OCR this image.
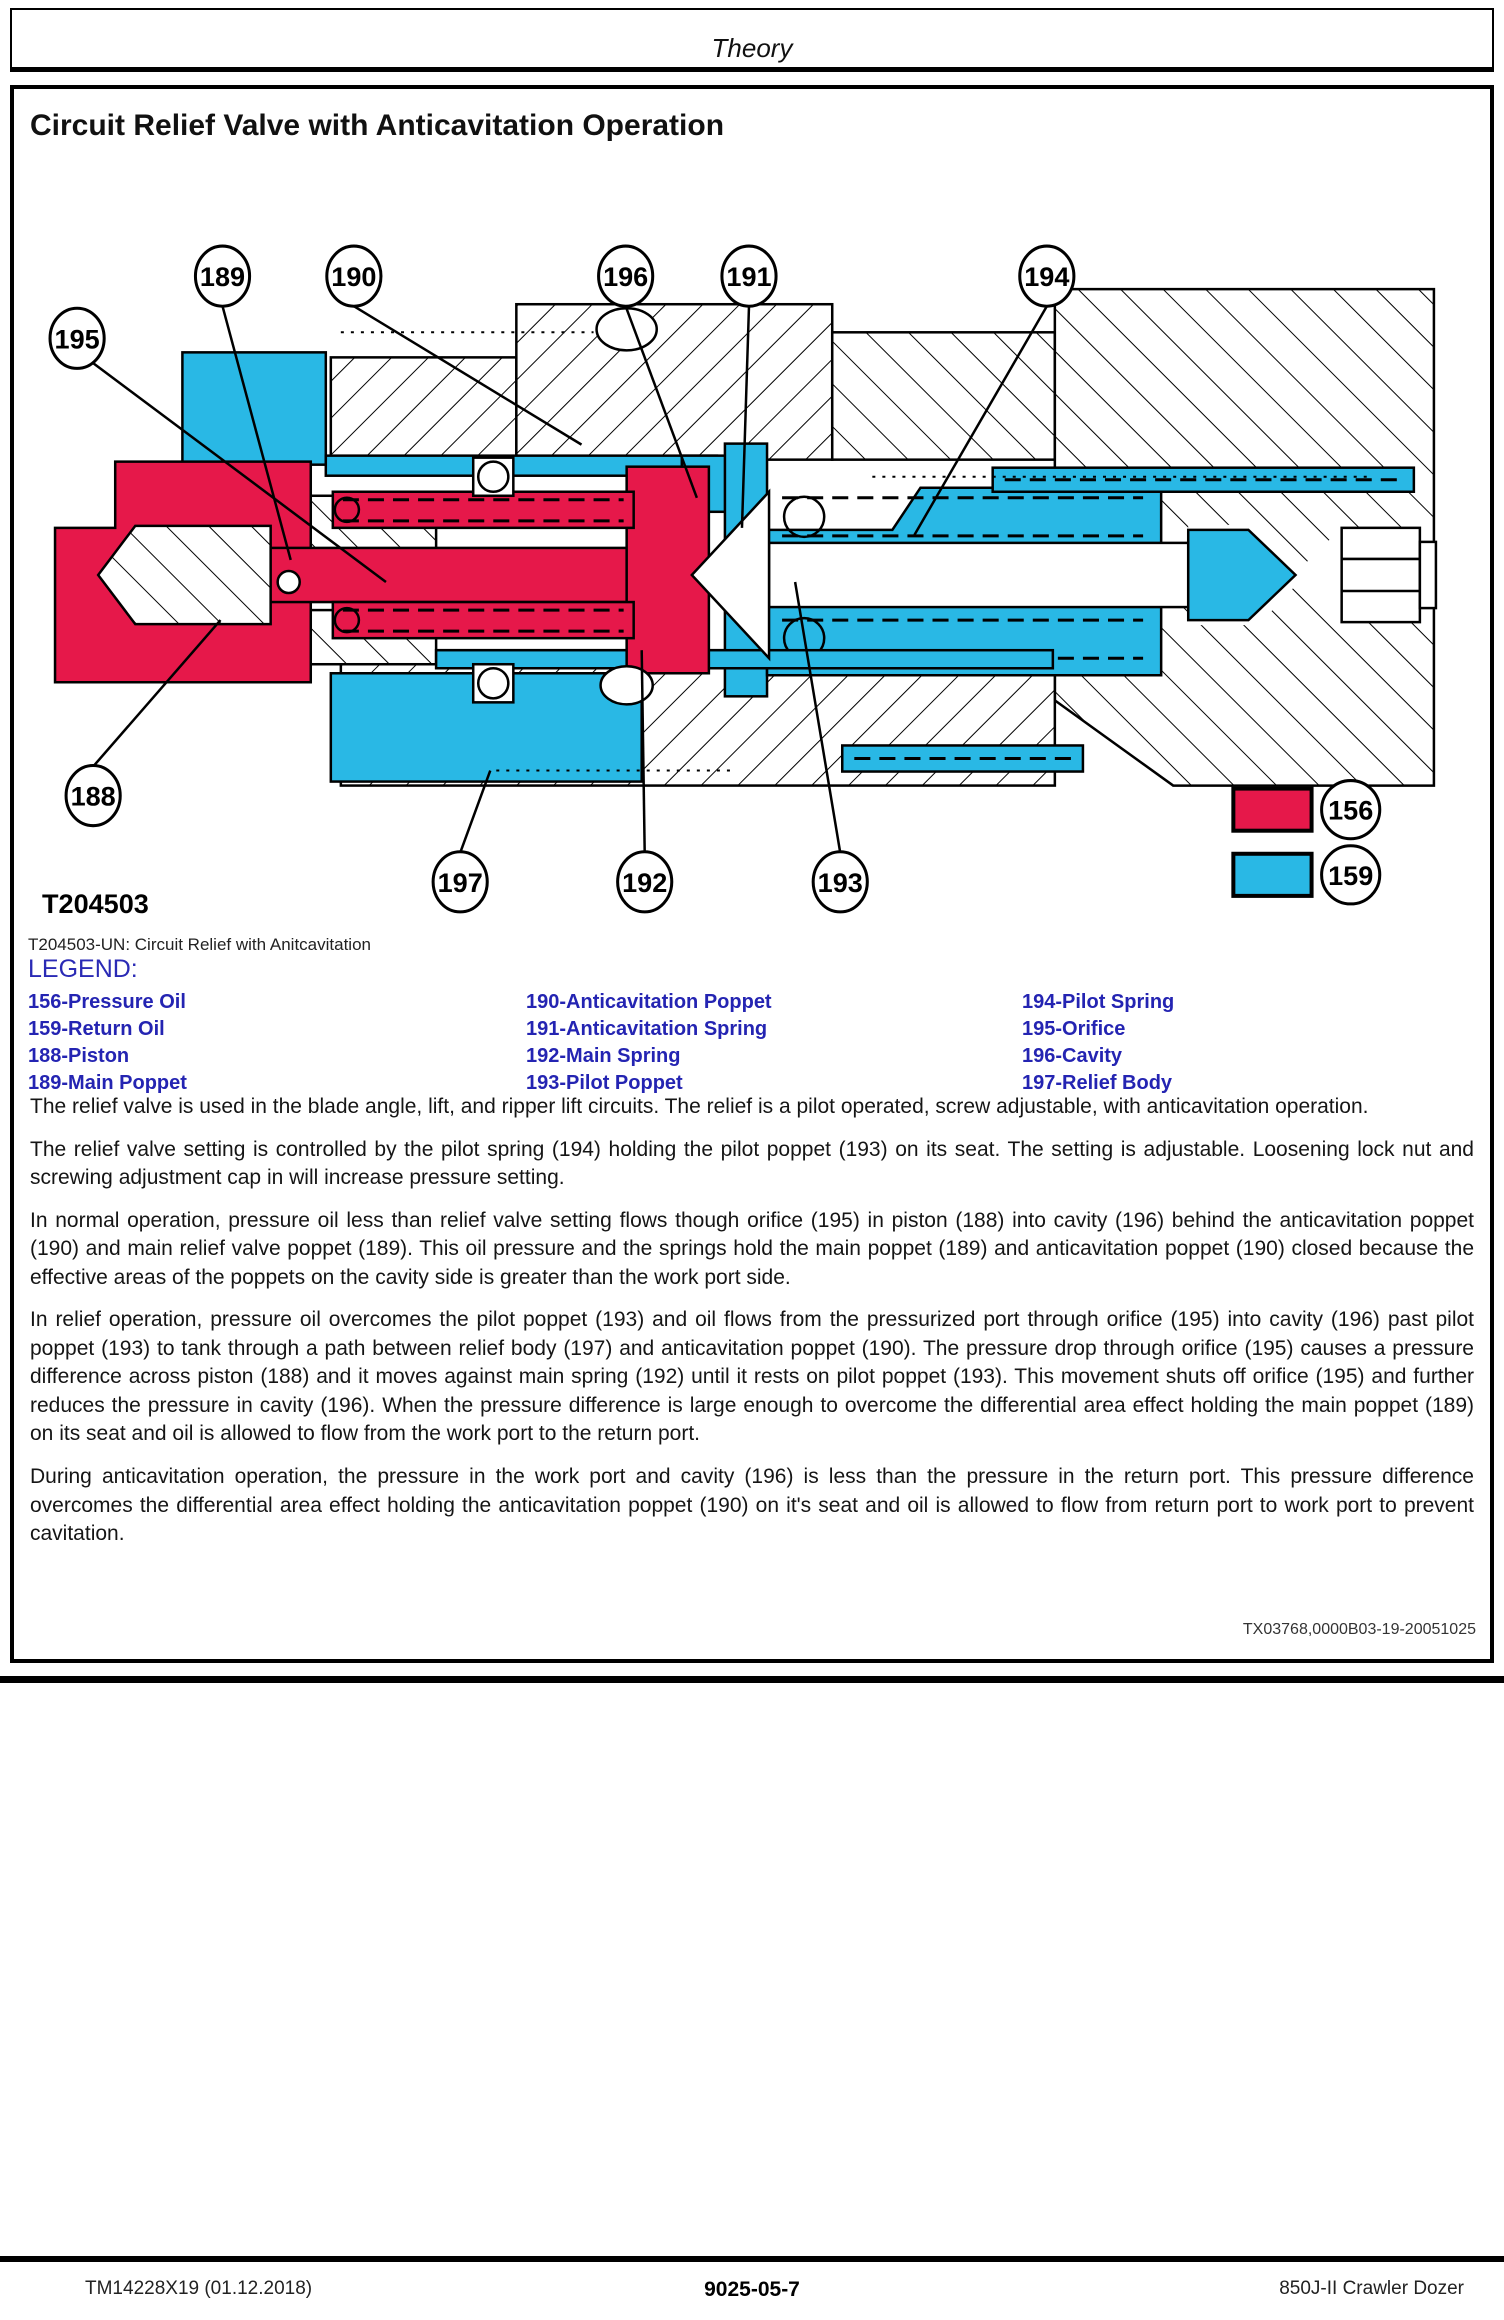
Theory
Circuit Relief Valve with Anticavitation Operation
189	190	196	191	194
195
188
197	192	193
156
159
T204503
T204503-UN: Circuit Relief with Anitcavitation
LEGEND:
156-Pressure Oil
159-Return Oil
188-Piston
189-Main Poppet
190-Anticavitation Poppet
191-Anticavitation Spring
192-Main Spring
193-Pilot Poppet
194-Pilot Spring
195-Orifice
196-Cavity
197-Relief Body

The relief valve is used in the blade angle, lift, and ripper lift circuits. The relief is a pilot operated, screw adjustable, with anticavitation operation.

The relief valve setting is controlled by the pilot spring (194) holding the pilot poppet (193) on its seat. The setting is adjustable. Loosening lock nut and screwing adjustment cap in will increase pressure setting.

In normal operation, pressure oil less than relief valve setting flows though orifice (195) in piston (188) into cavity (196) behind the anticavitation poppet (190) and main relief valve poppet (189). This oil pressure and the springs hold the main poppet (189) and anticavitation poppet (190) closed because the effective areas of the poppets on the cavity side is greater than the work port side.

In relief operation, pressure oil overcomes the pilot poppet (193) and oil flows from the pressurized port through orifice (195) into cavity (196) past pilot poppet (193) to tank through a path between relief body (197) and anticavitation poppet (190). The pressure drop through orifice (195) causes a pressure difference across piston (188) and it moves against main spring (192) until it rests on pilot poppet (193). This movement shuts off orifice (195) and further reduces the pressure in cavity (196). When the pressure difference is large enough to overcome the differential area effect holding the main poppet (189) on its seat and oil is allowed to flow from the work port to the return port.

During anticavitation operation, the pressure in the work port and cavity (196) is less than the pressure in the return port. This pressure difference overcomes the differential area effect holding the anticavitation poppet (190) on it's seat and oil is allowed to flow from return port to work port to prevent cavitation.

TX03768,0000B03-19-20051025
TM14228X19 (01.12.2018)	9025-05-7	850J-II Crawler Dozer
